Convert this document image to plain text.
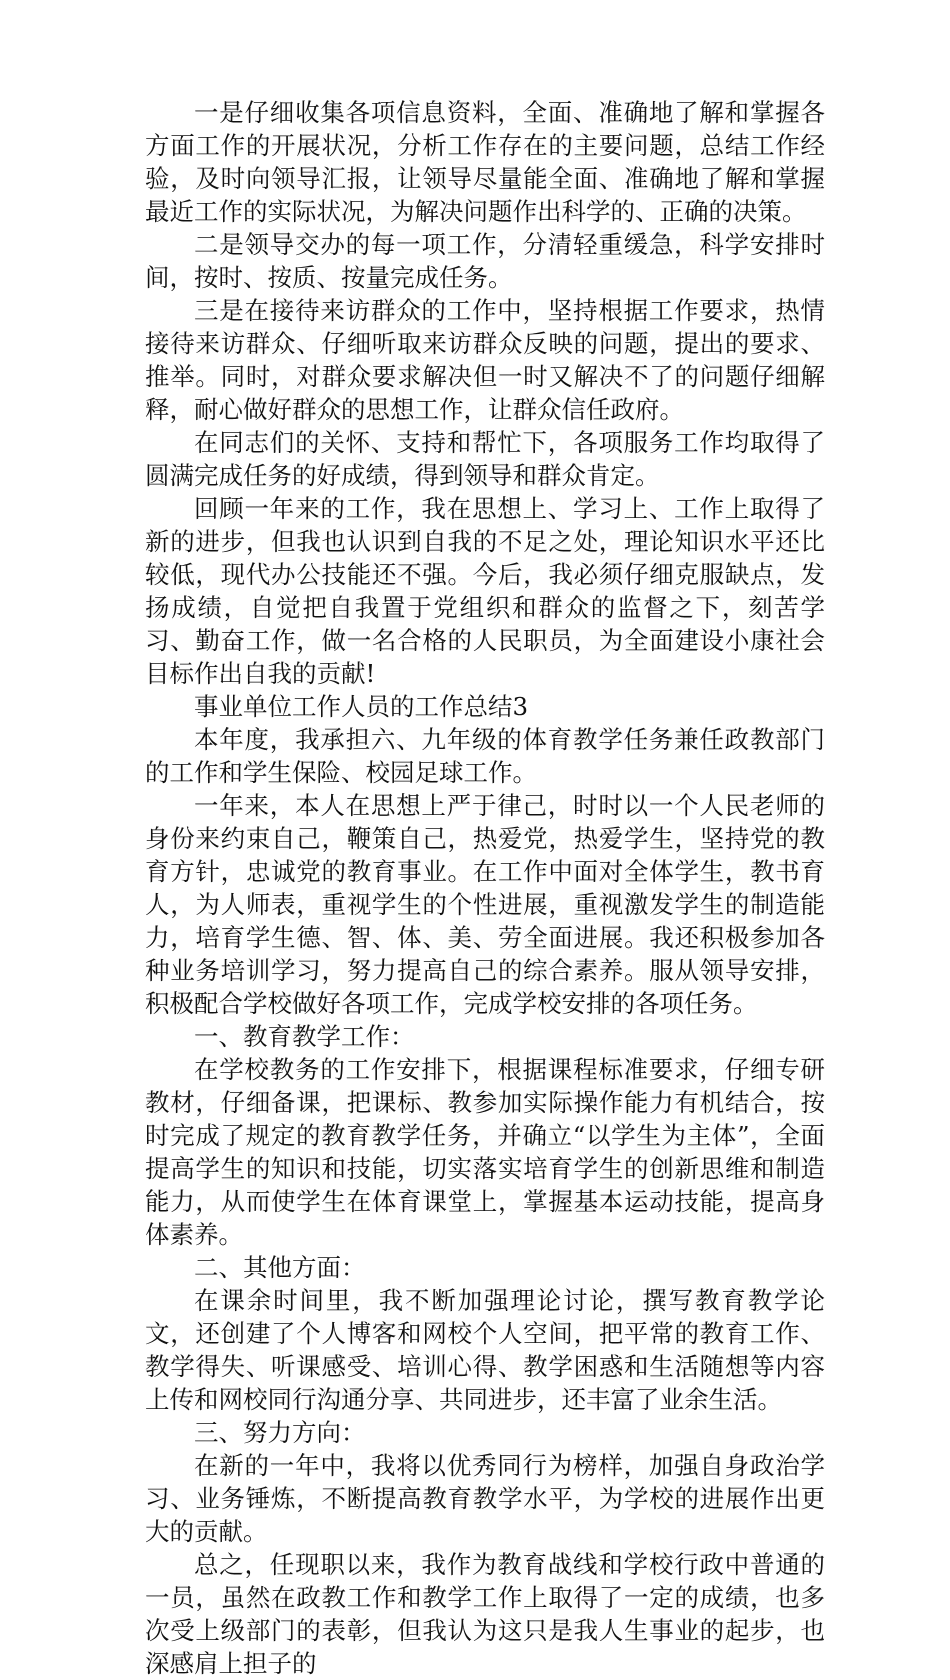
一是仔细收集各项信息资料，全面、准确地了解和掌握各方面工作的开展状况，分析工作存在的主要问题，总结工作经验，及时向领导汇报，让领导尽量能全面、准确地了解和掌握最近工作的实际状况，为解决问题作出科学的、正确的决策。

二是领导交办的每一项工作，分清轻重缓急，科学安排时间，按时、按质、按量完成任务。

三是在接待来访群众的工作中，坚持根据工作要求，热情接待来访群众、仔细听取来访群众反映的问题，提出的要求、推举。同时，对群众要求解决但一时又解决不了的问题仔细解释，耐心做好群众的思想工作，让群众信任政府。

在同志们的关怀、支持和帮忙下，各项服务工作均取得了圆满完成任务的好成绩，得到领导和群众肯定。

回顾一年来的工作，我在思想上、学习上、工作上取得了新的进步，但我也认识到自我的不足之处，理论知识水平还比较低，现代办公技能还不强。今后，我必须仔细克服缺点，发扬成绩，自觉把自我置于党组织和群众的监督之下，刻苦学习、勤奋工作，做一名合格的人民职员，为全面建设小康社会目标作出自我的贡献!

事业单位工作人员的工作总结3

本年度，我承担六、九年级的体育教学任务兼任政教部门的工作和学生保险、校园足球工作。

一年来，本人在思想上严于律己，时时以一个人民老师的身份来约束自己，鞭策自己，热爱党，热爱学生，坚持党的教育方针，忠诚党的教育事业。在工作中面对全体学生，教书育人，为人师表，重视学生的个性进展，重视激发学生的制造能力，培育学生德、智、体、美、劳全面进展。我还积极参加各种业务培训学习，努力提高自己的综合素养。服从领导安排，积极配合学校做好各项工作，完成学校安排的各项任务。

一、教育教学工作：

在学校教务的工作安排下，根据课程标准要求，仔细专研教材，仔细备课，把课标、教参加实际操作能力有机结合，按时完成了规定的教育教学任务，并确立“以学生为主体”，全面提高学生的知识和技能，切实落实培育学生的创新思维和制造能力，从而使学生在体育课堂上，掌握基本运动技能，提高身体素养。

二、其他方面：

在课余时间里，我不断加强理论讨论，撰写教育教学论文，还创建了个人博客和网校个人空间，把平常的教育工作、教学得失、听课感受、培训心得、教学困惑和生活随想等内容上传和网校同行沟通分享、共同进步，还丰富了业余生活。

三、努力方向：

在新的一年中，我将以优秀同行为榜样，加强自身政治学习、业务锤炼，不断提高教育教学水平，为学校的进展作出更大的贡献。

总之，任现职以来，我作为教育战线和学校行政中普通的一员，虽然在政教工作和教学工作上取得了一定的成绩，也多次受上级部门的表彰，但我认为这只是我人生事业的起步，也深感肩上担子的
